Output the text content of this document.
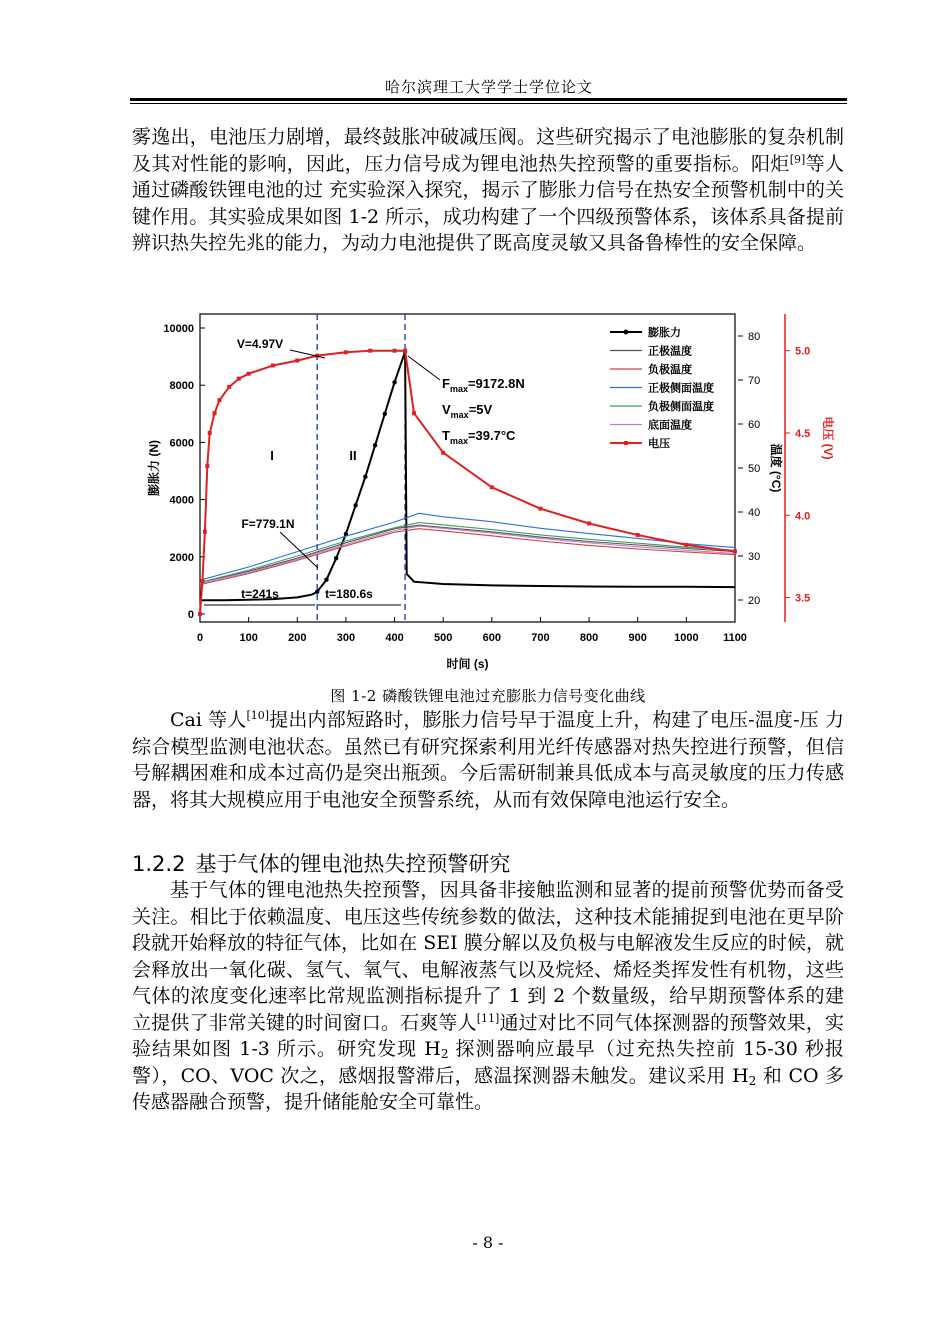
哈尔滨理工大学学士学位论文
雾逸出，电池压力剧增，最终鼓胀冲破减压阀。这些研究揭示了电池膨胀的复杂机制及其对性能的影响，因此，压力信号成为锂电池热失控预警的重要指标。阳炬[9]等人 通过磷酸铁锂电池的过 充实验深入探究，揭示了膨胀力信号在热安全预警机制中的关键作用。其实验成果如图 1-2 所示，成功构建了一个四级预警体系，该体系具备提前辨识热失控先兆的能力，为动力电池提供了既高度灵敏又具备鲁棒性的安全保障。
0	100	200	300	400	500	600	700	800	900 1000 1100
0
2000
4000
6000
8000
10000
20
30
40
50
60
70
80
3.5
4.0
4.5
5.0
时间 (s)
膨胀力 (N)	温度 (°C)
电压 (V)
V=4.97V
I	II
F=779.1N
t=241s	t=180.6s
$F_{max}=9172.8N$
$V_{max}=5V$
$T_{max}=39.7^\circ C$
膨胀力
正极温度
负极温度
正极侧面温度
负极侧面温度
底面温度
电压
图 1-2 磷酸铁锂电池过充膨胀力信号变化曲线
Cai 等人[10]提出内部短路时，膨胀力信号早于温度上升，构建了电压-温度-压 力综合模型监测电池状态。虽然已有研究探索利用光纤传感器对热失控进行预警，但信号解耦困难和成本过高仍是突出瓶颈。今后需研制兼具低成本与高灵敏度的压力传感器，将其大规模应用于电池安全预警系统，从而有效保障电池运行安全。
1.2.2 基于气体的锂电池热失控预警研究
基于气体的锂电池热失控预警，因具备非接触监测和显著的提前预警优势而备受关注。相比于依赖温度、电压这些传统参数的做法，这种技术能捕捉到电池在更早阶段就开始释放的特征气体，比如在 SEI 膜分解以及负极与电解液发生反应的时候，就会释放出一氧化碳、氢气、氧气、电解液蒸气以及烷烃、烯烃类挥发性有机物，这些气体的浓度变化速率比常规监测指标提升了 1 到 2 个数量级，给早期预警体系的建立提供了非常关键的时间窗口。石爽等人[11]通过对比不同气体探测器的预警效果，实验结果如图 1-3 所示。研究发现 $H_2$ 探测器响应最早（过充热失控前 15-30 秒报警），CO、VOC 次之，感烟报警滞后，感温探测器未触发。建议采用 $H_2$ 和 CO 多传感器融合预警，提升储能舱安全可靠性。
- 8 -
